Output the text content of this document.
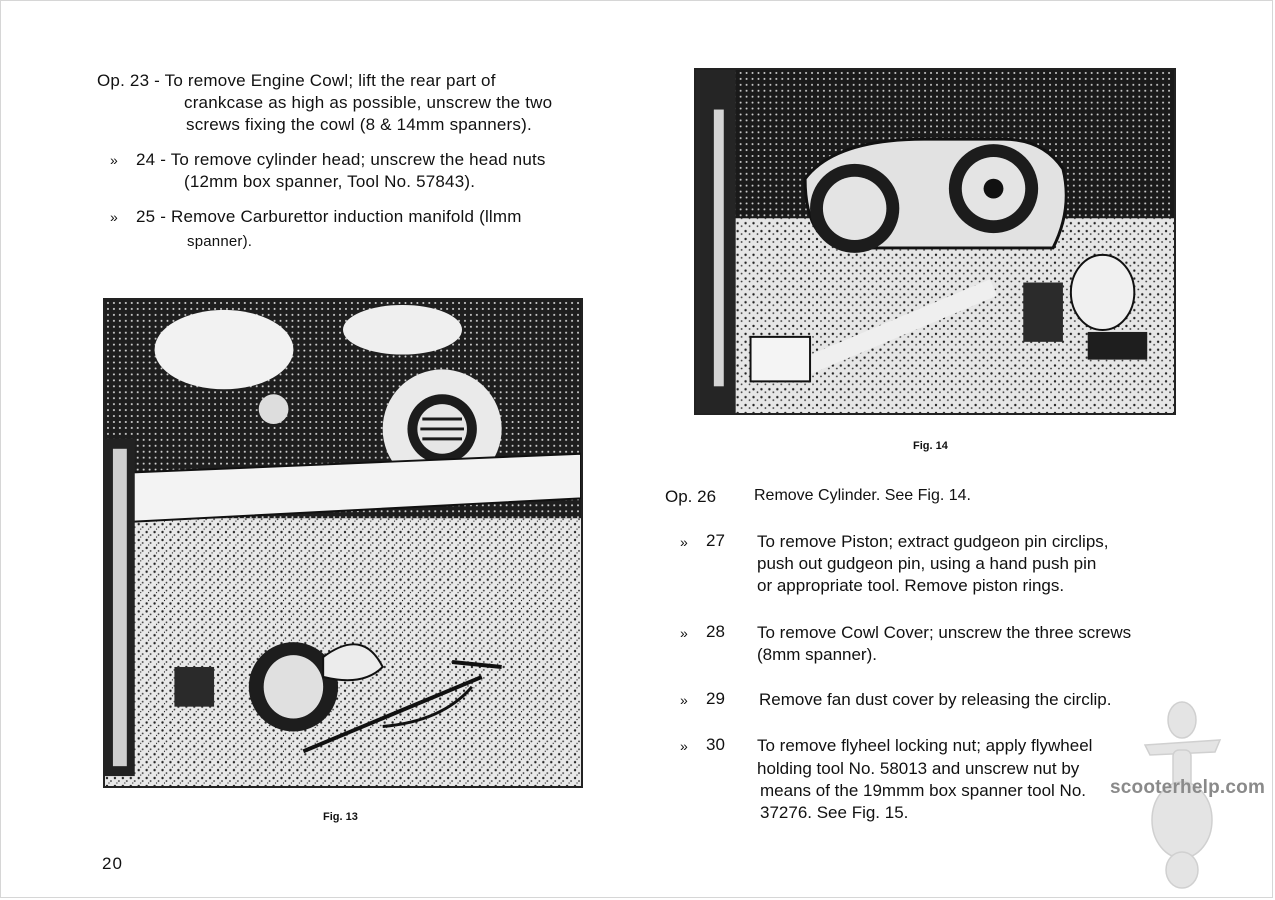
Op. 23 - To remove Engine Cowl; lift the rear part of
crankcase as high as possible, unscrew the two
screws fixing the cowl (8 & 14mm spanners).
» 24 - To remove cylinder head; unscrew the head nuts
(12mm box spanner, Tool No. 57843).
» 25 - Remove Carburettor induction manifold (llmm
spanner).
Fig. 13
20
Fig. 14
Op. 26 Remove Cylinder. See Fig. 14.
» 27 To remove Piston; extract gudgeon pin circlips,
push out gudgeon pin, using a hand push pin
or appropriate tool. Remove piston rings.
» 28 To remove Cowl Cover; unscrew the three screws
(8mm spanner).
» 29 Remove fan dust cover by releasing the circlip.
» 30 To remove flyheel locking nut; apply flywheel
holding tool No. 58013 and unscrew nut by
means of the 19mmm box spanner tool No.
37276. See Fig. 15.
scooterhelp.com
